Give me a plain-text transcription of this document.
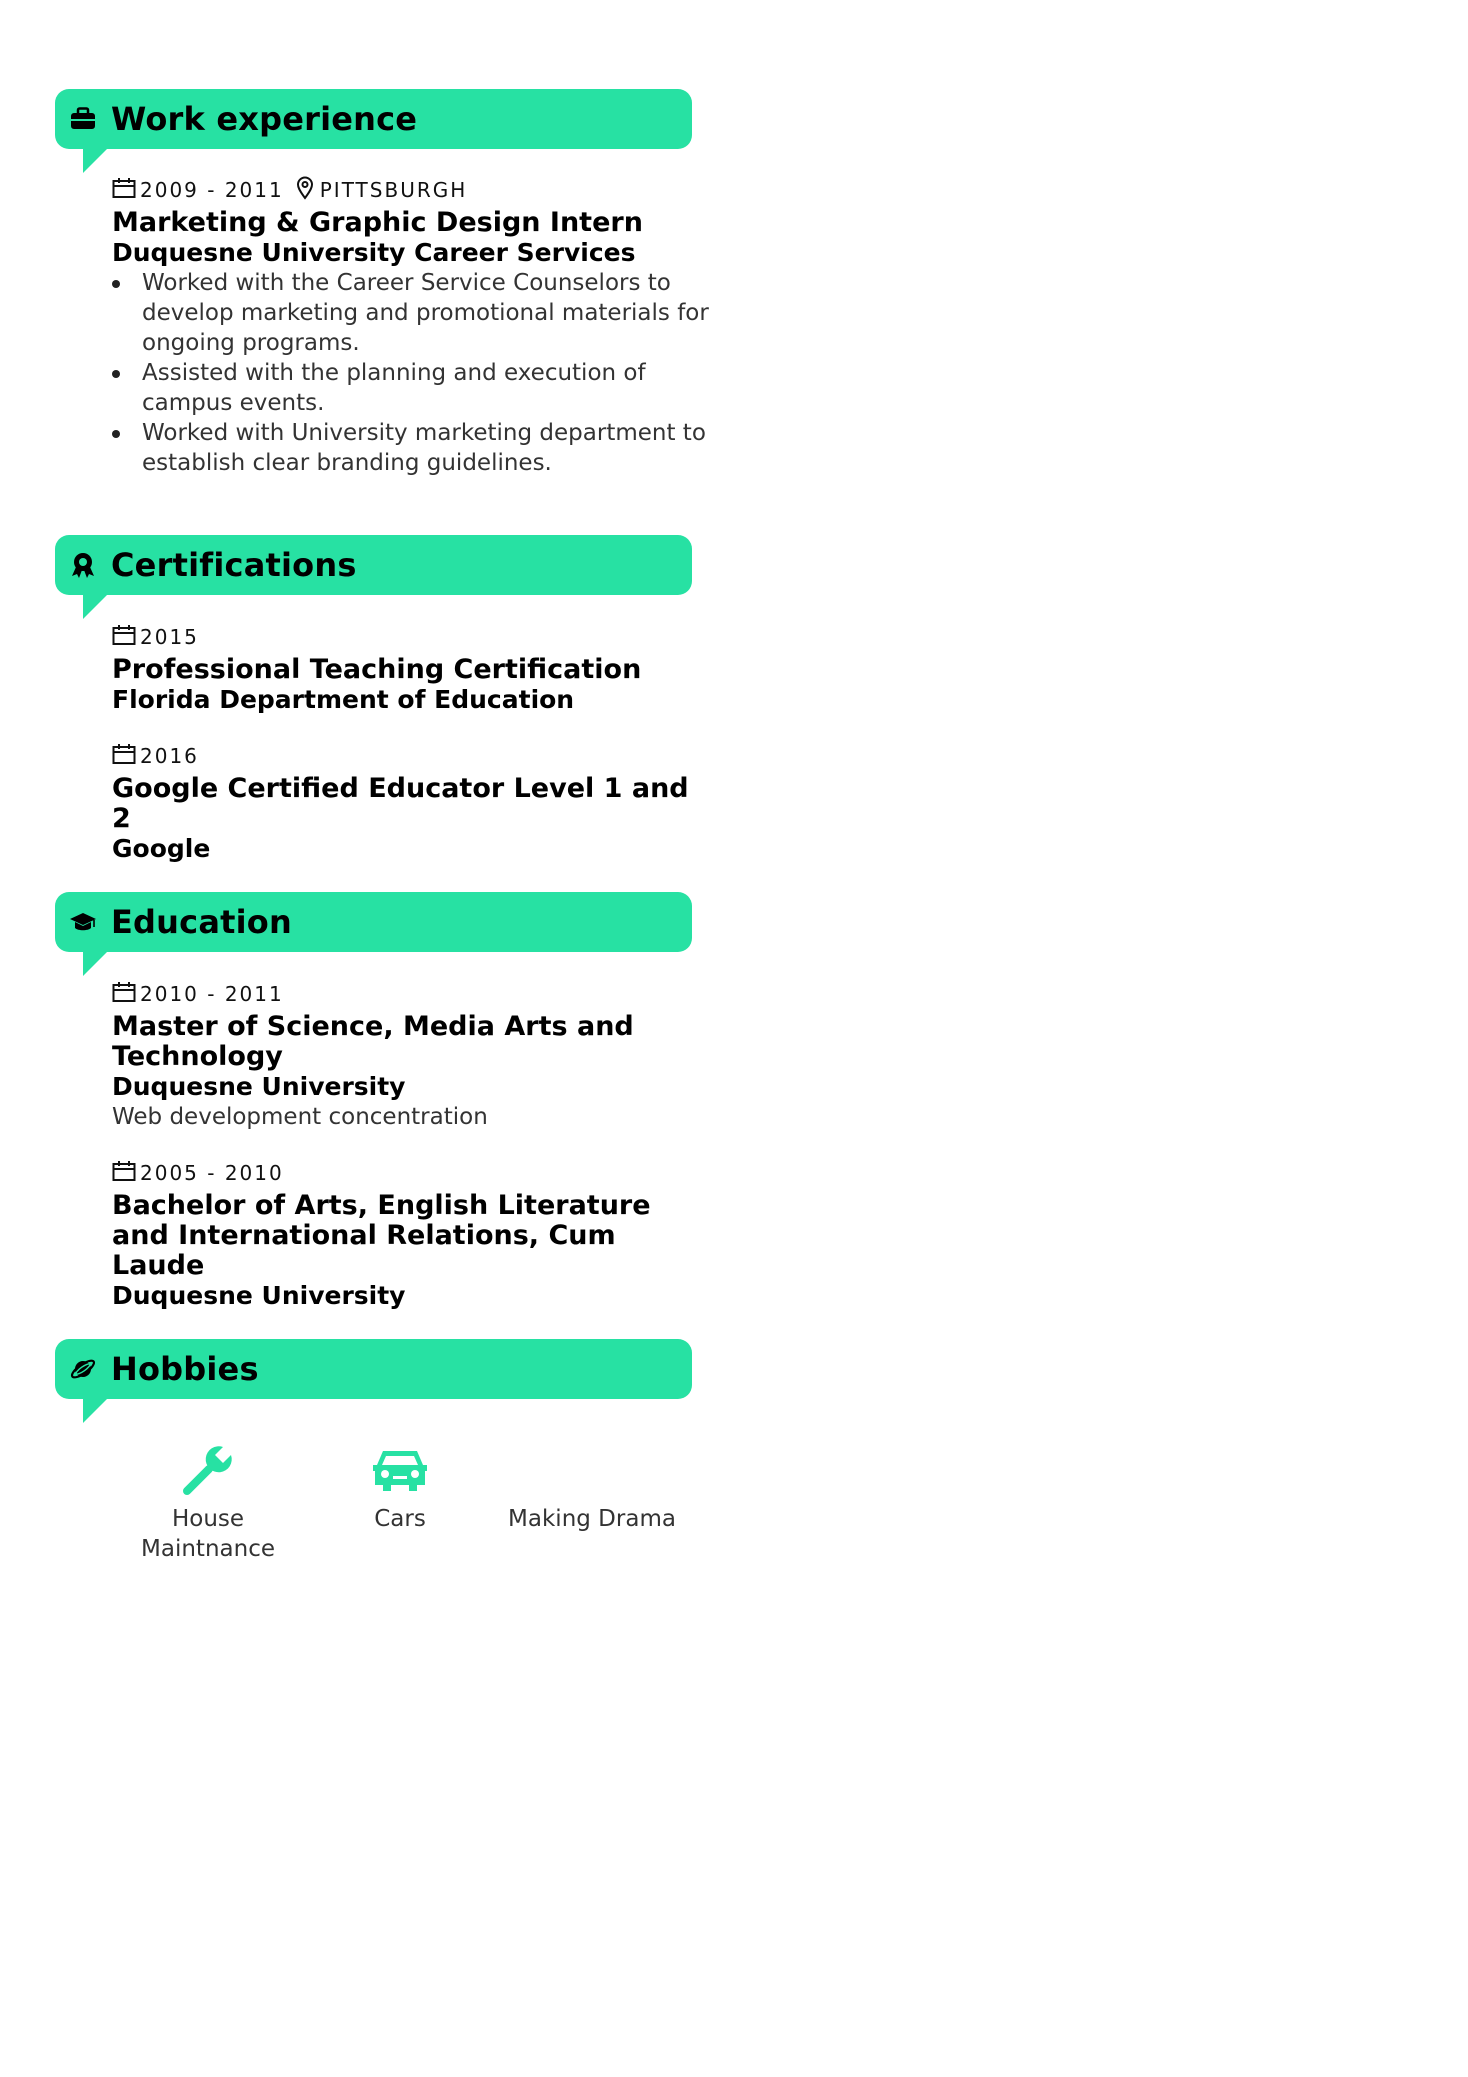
Work experience
2009 - 2011 PITTSBURGH
Marketing & Graphic Design Intern
Duquesne University Career Services
Worked with the Career Service Counselors to develop marketing and promotional materials for ongoing programs.
Assisted with the planning and execution of campus events.
Worked with University marketing department to establish clear branding guidelines.
Certifications
2015
Professional Teaching Certification
Florida Department of Education
2016
Google Certified Educator Level 1 and 2
Google
Education
2010 - 2011
Master of Science, Media Arts and Technology
Duquesne University
Web development concentration
2005 - 2010
Bachelor of Arts, English Literature and International Relations, Cum Laude
Duquesne University
Hobbies
House Maintnance
Cars	Making Drama
